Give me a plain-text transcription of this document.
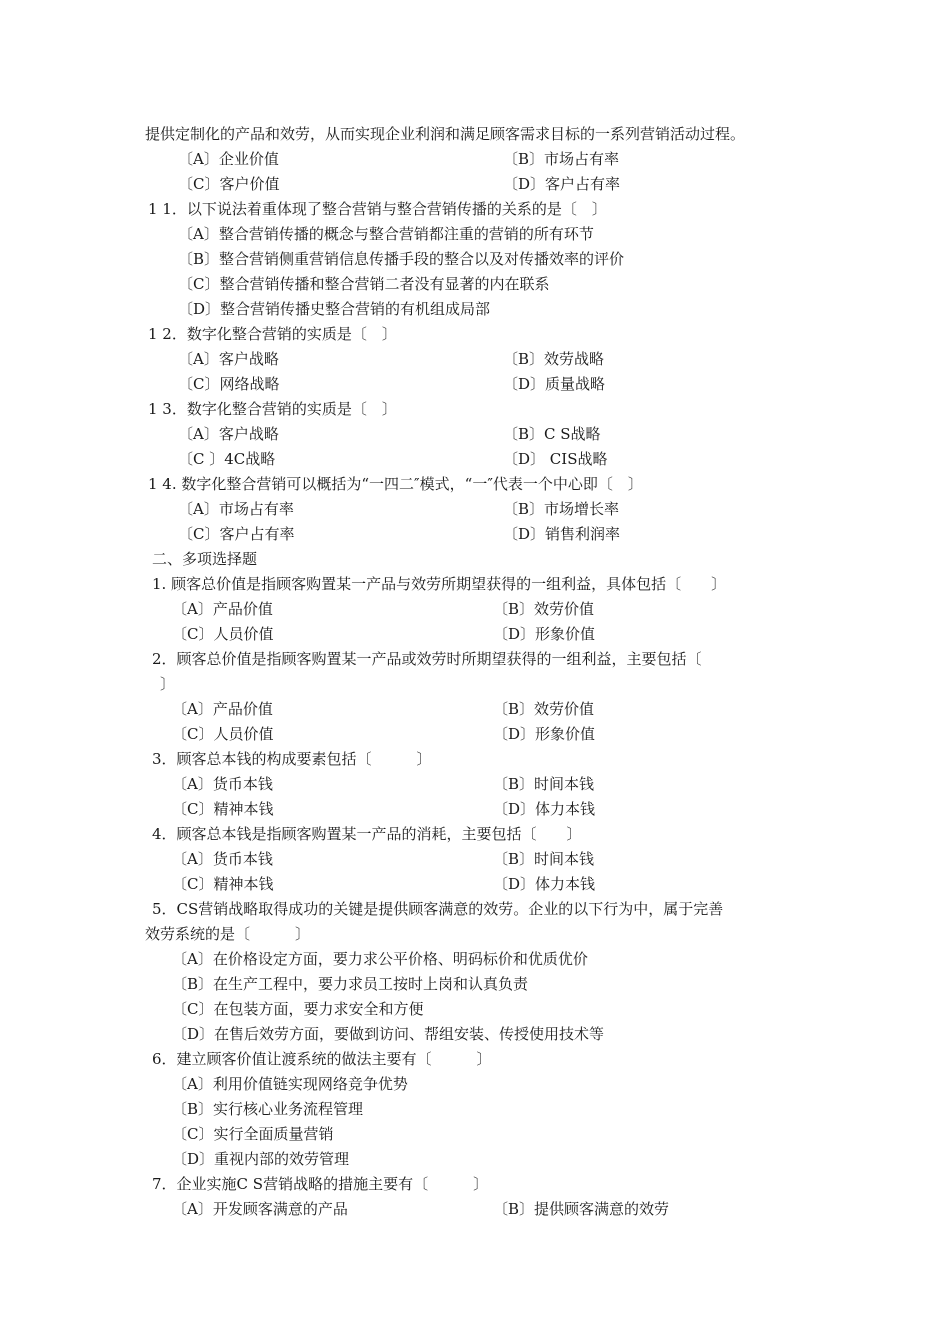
提供定制化的产品和效劳，从而实现企业利润和满足顾客需求目标的一系列营销活动过程。
〔A〕企业价值	〔B〕市场占有率
〔C〕客户价值	〔D〕客户占有率
1 1．以下说法着重体现了整合营销与整合营销传播的关系的是〔　〕
〔A〕整合营销传播的概念与整合营销都注重的营销的所有环节
〔B〕整合营销侧重营销信息传播手段的整合以及对传播效率的评价
〔C〕整合营销传播和整合营销二者没有显著的内在联系
〔D〕整合营销传播史整合营销的有机组成局部
1 2．数字化整合营销的实质是〔　〕
〔A〕客户战略	〔B〕效劳战略
〔C〕网络战略	〔D〕质量战略
1 3．数字化整合营销的实质是〔　〕
〔A〕客户战略	〔B〕C S战略
〔C 〕4C战略	〔D〕 CIS战略
1 4. 数字化整合营销可以概括为“一四二″模式，“一″代表一个中心即〔　〕
〔A〕市场占有率	〔B〕市场增长率
〔C〕客户占有率	〔D〕销售利润率
二、多项选择题
1. 顾客总价值是指顾客购置某一产品与效劳所期望获得的一组利益，具体包括〔　　〕
〔A〕产品价值	〔B〕效劳价值
〔C〕人员价值	〔D〕形象价值
2．顾客总价值是指顾客购置某一产品或效劳时所期望获得的一组利益，主要包括〔
〕
〔A〕产品价值	〔B〕效劳价值
〔C〕人员价值	〔D〕形象价值
3．顾客总本钱的构成要素包括〔　　　〕
〔A〕货币本钱	〔B〕时间本钱
〔C〕精神本钱	〔D〕体力本钱
4．顾客总本钱是指顾客购置某一产品的消耗，主要包括〔　　〕
〔A〕货币本钱	〔B〕时间本钱
〔C〕精神本钱	〔D〕体力本钱
5．CS营销战略取得成功的关键是提供顾客满意的效劳。企业的以下行为中，属于完善
效劳系统的是〔　　　〕
〔A〕在价格设定方面，要力求公平价格、明码标价和优质优价
〔B〕在生产工程中，要力求员工按时上岗和认真负责
〔C〕在包装方面，要力求安全和方便
〔D〕在售后效劳方面，要做到访问、帮组安装、传授使用技术等
6．建立顾客价值让渡系统的做法主要有〔　　　〕
〔A〕利用价值链实现网络竞争优势
〔B〕实行核心业务流程管理
〔C〕实行全面质量营销
〔D〕重视内部的效劳管理
7．企业实施C S营销战略的措施主要有〔　　　〕
〔A〕开发顾客满意的产品	〔B〕提供顾客满意的效劳
